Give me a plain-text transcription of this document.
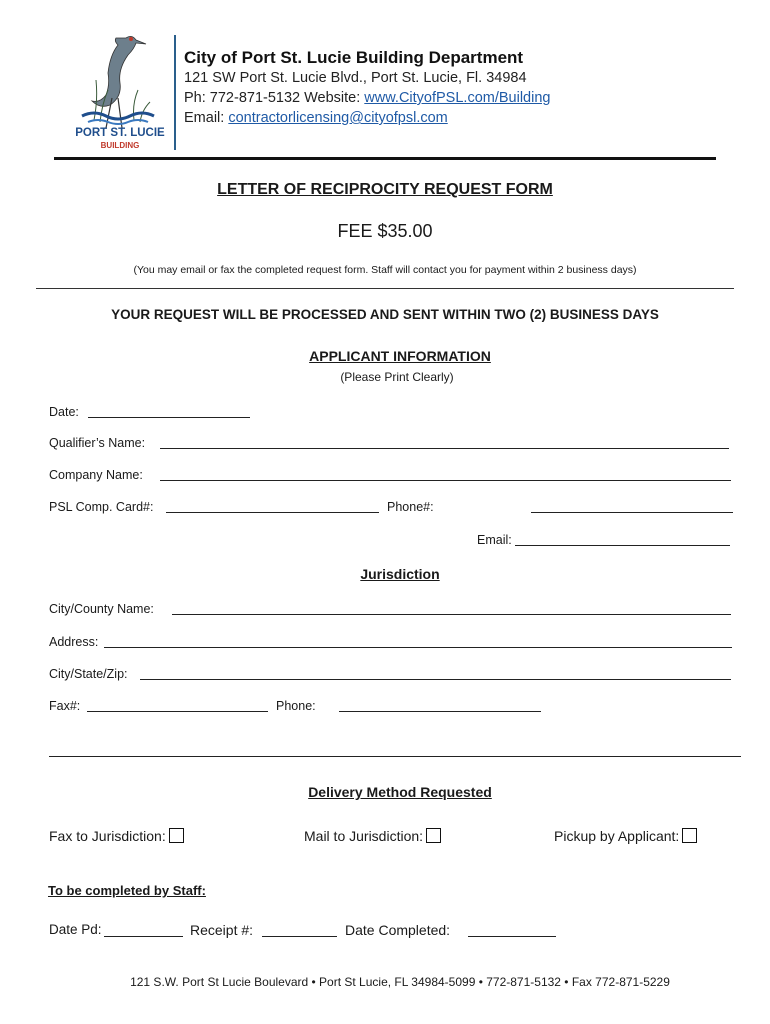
PORT ST. LUCIE
BUILDING
City of Port St. Lucie Building Department
121 SW Port St. Lucie Blvd., Port St. Lucie, Fl. 34984
Ph: 772-871-5132 Website: www.CityofPSL.com/Building
Email: contractorlicensing@cityofpsl.com
LETTER OF RECIPROCITY REQUEST FORM
FEE $35.00
(You may email or fax the completed request form. Staff will contact you for payment within 2 business days)
YOUR REQUEST WILL BE PROCESSED AND SENT WITHIN TWO (2) BUSINESS DAYS
APPLICANT INFORMATION
(Please Print Clearly)
Date:
Qualifier’s Name:
Company Name:
PSL Comp. Card#:	Phone#:
Email:
Jurisdiction
City/County Name:
Address:
City/State/Zip:
Fax#:	Phone:
Delivery Method Requested
Fax to Jurisdiction:	Mail to Jurisdiction:	Pickup by Applicant:
To be completed by Staff:
Date Pd:	Receipt #:	Date Completed:
121 S.W. Port St Lucie Boulevard • Port St Lucie, FL 34984-5099 • 772-871-5132 • Fax 772-871-5229
